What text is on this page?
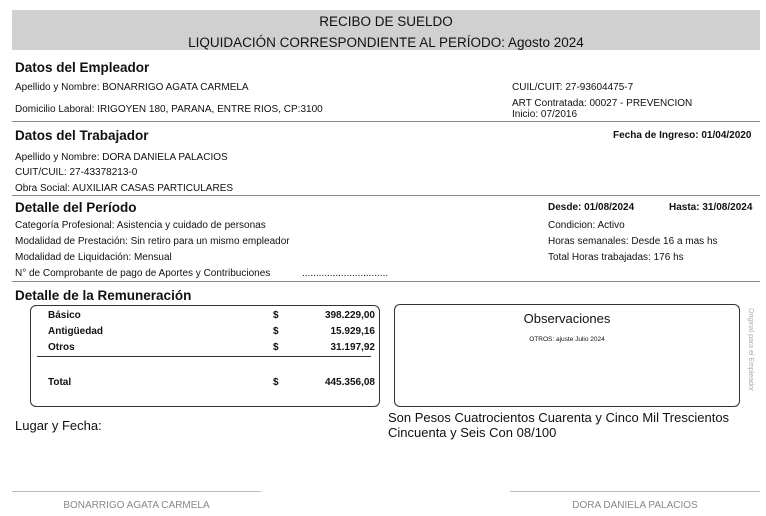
RECIBO DE SUELDO
LIQUIDACIÓN CORRESPONDIENTE AL PERÍODO: Agosto 2024
Datos del Empleador
Apellido y Nombre: BONARRIGO AGATA CARMELA
Domicilio Laboral: IRIGOYEN 180, PARANA, ENTRE RIOS, CP:3100
CUIL/CUIT: 27-93604475-7
ART Contratada: 00027 - PREVENCION
Inicio: 07/2016
Datos del Trabajador	Fecha de Ingreso: 01/04/2020
Apellido y Nombre: DORA DANIELA PALACIOS
CUIT/CUIL: 27-43378213-0
Obra Social: AUXILIAR CASAS PARTICULARES
Detalle del Período	Desde: 01/08/2024	Hasta: 31/08/2024
Categoría Profesional: Asistencia y cuidado de personas
Modalidad de Prestación: Sin retiro para un mismo empleador
Modalidad de Liquidación: Mensual
N° de Comprobante de pago de Aportes y Contribuciones	...............................
Condicion: Activo
Horas semanales: Desde 16 a mas hs
Total Horas trabajadas: 176 hs
Detalle de la Remuneración
Básico	$	398.229,00
Antigüedad	$	15.929,16
Otros	$	31.197,92
Total	$	445.356,08
Observaciones
OTROS: ajuste Julio 2024	Original para el Empleador
Lugar y Fecha:
Son Pesos Cuatrocientos Cuarenta y Cinco Mil Trescientos
Cincuenta y Seis Con 08/100
BONARRIGO AGATA CARMELA	DORA DANIELA PALACIOS
